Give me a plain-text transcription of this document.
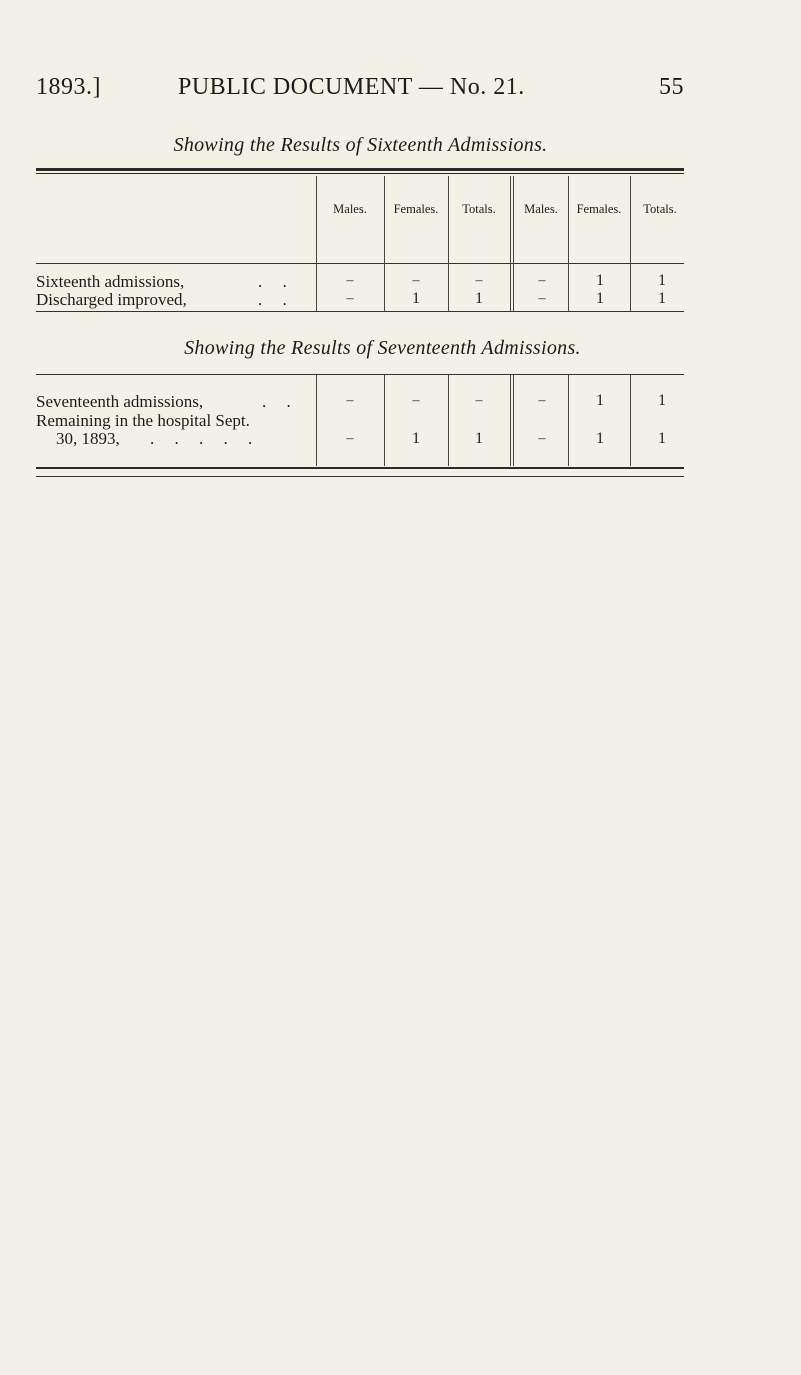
1893.]	PUBLIC DOCUMENT — No. 21.	55
Showing the Results of Sixteenth Admissions.
Males.	Females.	Totals.	Males.	Females.	Totals.
Sixteenth admissions,	. .	–	–	–	–	1	1
Discharged improved,	. .	–	1	1	–	1	1
Showing the Results of Seventeenth Admissions.
Seventeenth admissions,	. .	–	–	–	–	1	1
Remaining in the hospital Sept.
30, 1893, . . . . .	–	1	1	–	1	1
